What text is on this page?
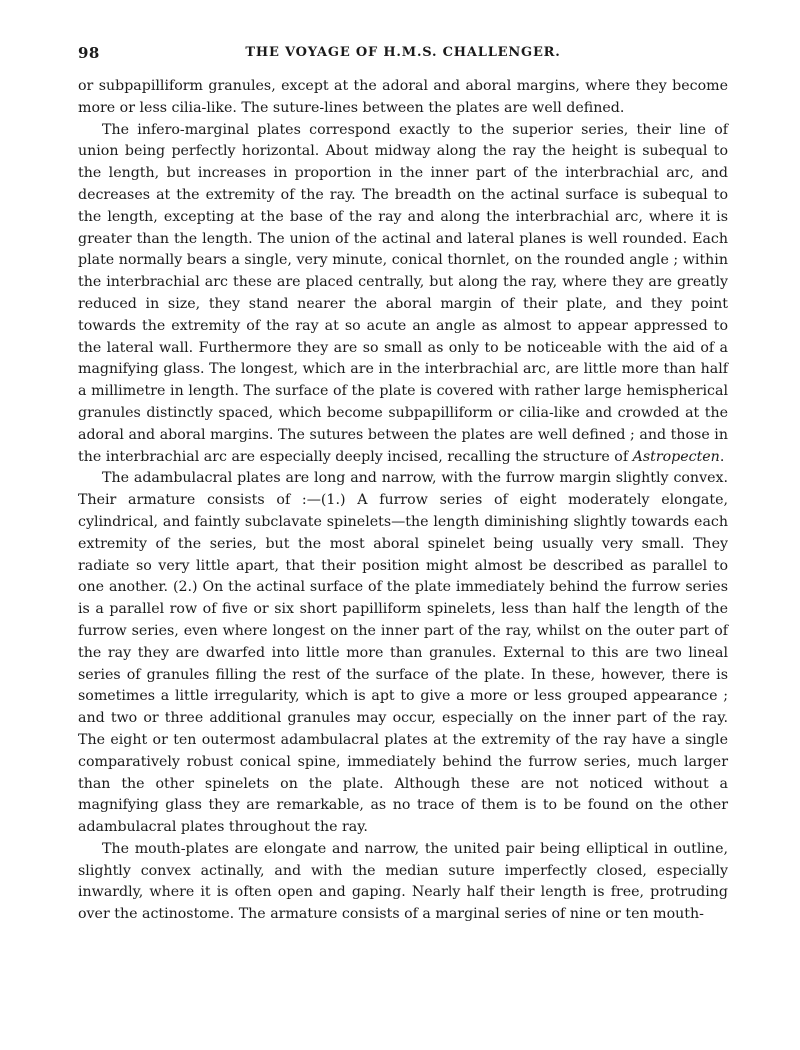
98	THE VOYAGE OF H.M.S. CHALLENGER.

or subpapilliform granules, except at the adoral and aboral margins, where they become more or less cilia-like. The suture-lines between the plates are well defined.

The infero-marginal plates correspond exactly to the superior series, their line of union being perfectly horizontal. About midway along the ray the height is subequal to the length, but increases in proportion in the inner part of the interbrachial arc, and decreases at the extremity of the ray. The breadth on the actinal surface is subequal to the length, excepting at the base of the ray and along the interbrachial arc, where it is greater than the length. The union of the actinal and lateral planes is well rounded. Each plate normally bears a single, very minute, conical thornlet, on the rounded angle ; within the interbrachial arc these are placed centrally, but along the ray, where they are greatly reduced in size, they stand nearer the aboral margin of their plate, and they point towards the extremity of the ray at so acute an angle as almost to appear appressed to the lateral wall. Furthermore they are so small as only to be noticeable with the aid of a magnifying glass. The longest, which are in the interbrachial arc, are little more than half a millimetre in length. The surface of the plate is covered with rather large hemispherical granules distinctly spaced, which become subpapilliform or cilia-like and crowded at the adoral and aboral margins. The sutures between the plates are well defined ; and those in the interbrachial arc are especially deeply incised, recalling the structure of Astropecten.

The adambulacral plates are long and narrow, with the furrow margin slightly convex. Their armature consists of :—(1.) A furrow series of eight moderately elongate, cylindrical, and faintly subclavate spinelets—the length diminishing slightly towards each extremity of the series, but the most aboral spinelet being usually very small. They radiate so very little apart, that their position might almost be described as parallel to one another. (2.) On the actinal surface of the plate immediately behind the furrow series is a parallel row of five or six short papilliform spinelets, less than half the length of the furrow series, even where longest on the inner part of the ray, whilst on the outer part of the ray they are dwarfed into little more than granules. External to this are two lineal series of granules filling the rest of the surface of the plate. In these, however, there is sometimes a little irregularity, which is apt to give a more or less grouped appearance ; and two or three additional granules may occur, especially on the inner part of the ray. The eight or ten outermost adambulacral plates at the extremity of the ray have a single comparatively robust conical spine, immediately behind the furrow series, much larger than the other spinelets on the plate. Although these are not noticed without a magnifying glass they are remarkable, as no trace of them is to be found on the other adambulacral plates throughout the ray.

The mouth-plates are elongate and narrow, the united pair being elliptical in outline, slightly convex actinally, and with the median suture imperfectly closed, especially inwardly, where it is often open and gaping. Nearly half their length is free, protruding over the actinostome. The armature consists of a marginal series of nine or ten mouth-
